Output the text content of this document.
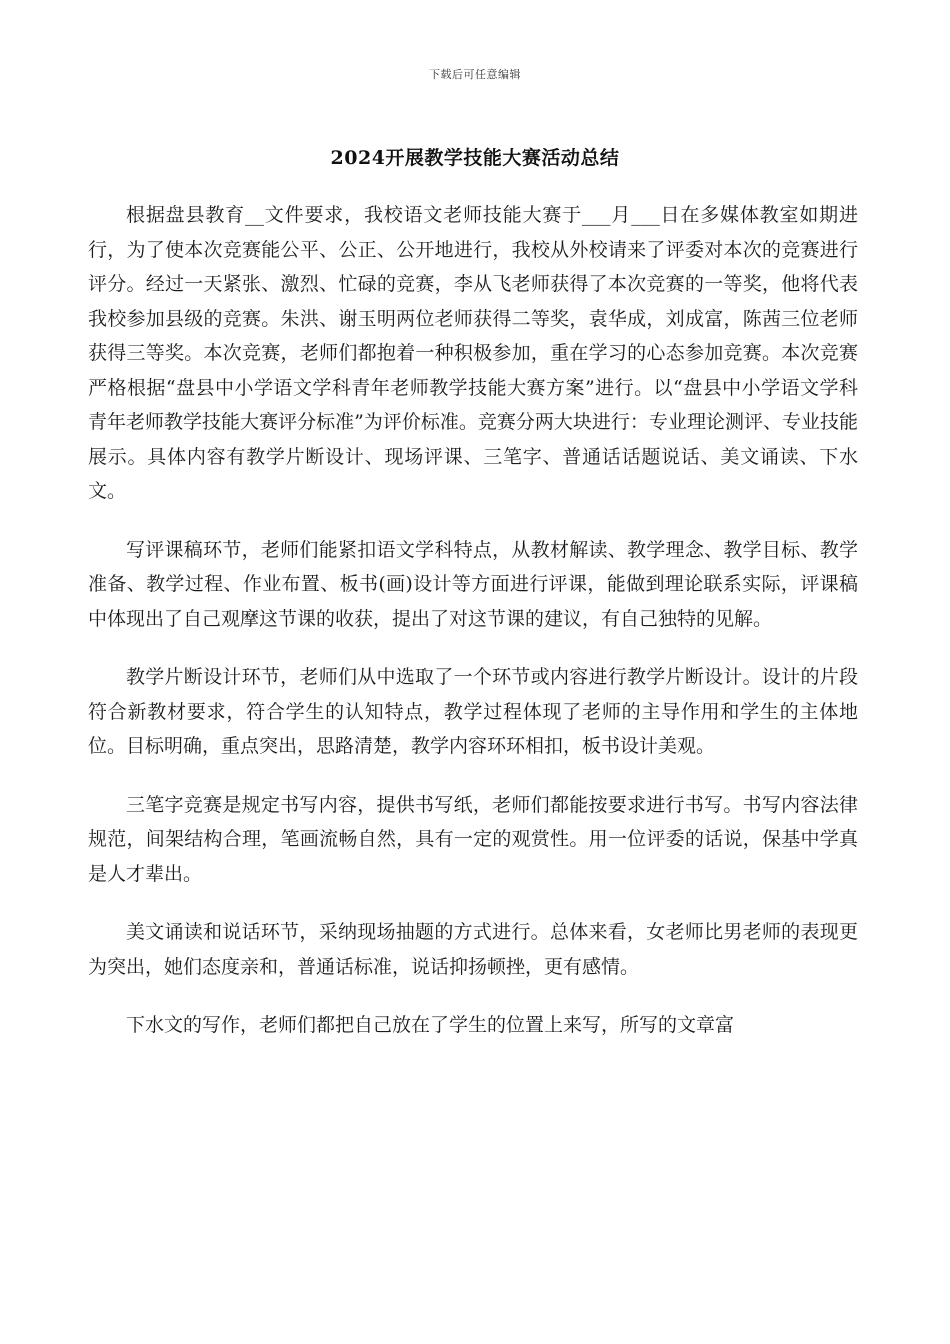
下载后可任意编辑
2024开展教学技能大赛活动总结

根据盘县教育__文件要求，我校语文老师技能大赛于___月___日在多媒体教室如期进行，为了使本次竞赛能公平、公正、公开地进行，我校从外校请来了评委对本次的竞赛进行评分。经过一天紧张、激烈、忙碌的竞赛，李从飞老师获得了本次竞赛的一等奖，他将代表我校参加县级的竞赛。朱洪、谢玉明两位老师获得二等奖，袁华成，刘成富，陈茜三位老师获得三等奖。本次竞赛，老师们都抱着一种积极参加，重在学习的心态参加竞赛。本次竞赛严格根据“盘县中小学语文学科青年老师教学技能大赛方案”进行。以“盘县中小学语文学科青年老师教学技能大赛评分标准”为评价标准。竞赛分两大块进行：专业理论测评、专业技能展示。具体内容有教学片断设计、现场评课、三笔字、普通话话题说话、美文诵读、下水文。

写评课稿环节，老师们能紧扣语文学科特点，从教材解读、教学理念、教学目标、教学准备、教学过程、作业布置、板书(画)设计等方面进行评课，能做到理论联系实际，评课稿中体现出了自己观摩这节课的收获，提出了对这节课的建议，有自己独特的见解。

教学片断设计环节，老师们从中选取了一个环节或内容进行教学片断设计。设计的片段符合新教材要求，符合学生的认知特点，教学过程体现了老师的主导作用和学生的主体地位。目标明确，重点突出，思路清楚，教学内容环环相扣，板书设计美观。

三笔字竞赛是规定书写内容，提供书写纸，老师们都能按要求进行书写。书写内容法律规范，间架结构合理，笔画流畅自然，具有一定的观赏性。用一位评委的话说，保基中学真是人才辈出。

美文诵读和说话环节，采纳现场抽题的方式进行。总体来看，女老师比男老师的表现更为突出，她们态度亲和，普通话标准，说话抑扬顿挫，更有感情。

下水文的写作，老师们都把自己放在了学生的位置上来写，所写的文章富
